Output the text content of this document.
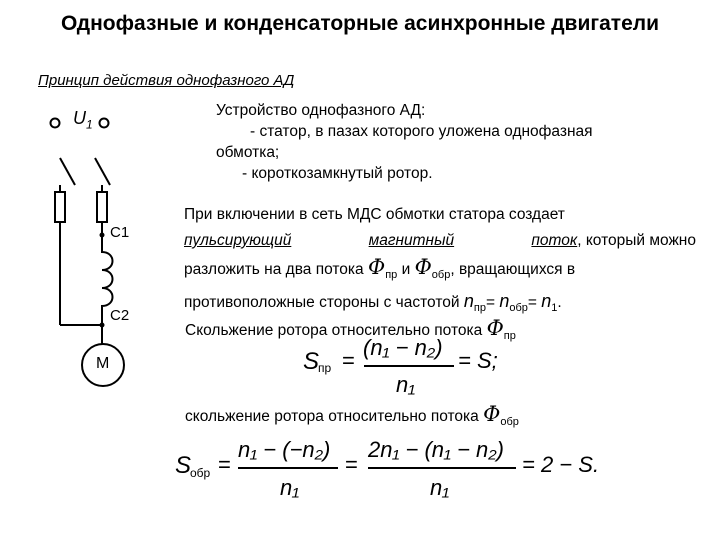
Однофазные и конденсаторные асинхронные двигатели
Принцип действия однофазного АД
$U_1$
C1
C2
M
Устройство однофазного АД:
- статор, в пазах которого уложена однофазная
обмотка;
- короткозамкнутый ротор.
При включении в сеть МДС обмотки статора создает
пульсирующий	магнитный	поток, который можно
разложить на два потока $\Phi_{пр}$ и $\Phi_{обр}$, вращающихся в
противоположные стороны с частотой $n_{пр}= n_{обр}= n_1$.
Скольжение ротора относительно потока $\Phi_{пр}$
S
пр =
(n₁ − n₂)
n₁
= S;
скольжение ротора относительно потока $\Phi_{обр}$
S
обр =
n₁ − (−n₂)
n₁
=
2n₁ − (n₁ − n₂)
n₁
= 2 − S.
